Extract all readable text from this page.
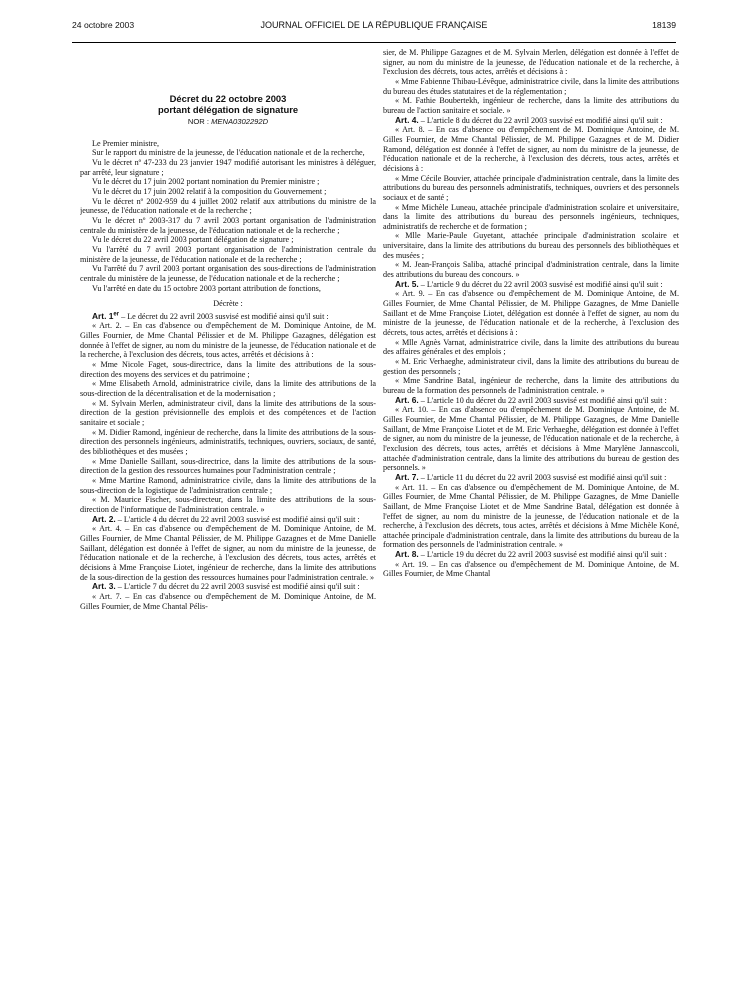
24 octobre 2003	JOURNAL OFFICIEL DE LA RÉPUBLIQUE FRANÇAISE	18139
Décret du 22 octobre 2003
portant délégation de signature
NOR : MENA0302292D

Le Premier ministre,

Sur le rapport du ministre de la jeunesse, de l'éducation nationale et de la recherche,

Vu le décret nº 47-233 du 23 janvier 1947 modifié autorisant les ministres à déléguer, par arrêté, leur signature ;

Vu le décret du 17 juin 2002 portant nomination du Premier ministre ;

Vu le décret du 17 juin 2002 relatif à la composition du Gouvernement ;

Vu le décret nº 2002-959 du 4 juillet 2002 relatif aux attributions du ministre de la jeunesse, de l'éducation nationale et de la recherche ;

Vu le décret nº 2003-317 du 7 avril 2003 portant organisation de l'administration centrale du ministère de la jeunesse, de l'éducation nationale et de la recherche ;

Vu le décret du 22 avril 2003 portant délégation de signature ;

Vu l'arrêté du 7 avril 2003 portant organisation de l'administration centrale du ministère de la jeunesse, de l'éducation nationale et de la recherche ;

Vu l'arrêté du 7 avril 2003 portant organisation des sous-directions de l'administration centrale du ministère de la jeunesse, de l'éducation nationale et de la recherche ;

Vu l'arrêté en date du 15 octobre 2003 portant attribution de fonctions,

Décrète :

Art. 1er – Le décret du 22 avril 2003 susvisé est modifié ainsi qu'il suit :

« Art. 2. – En cas d'absence ou d'empêchement de M. Dominique Antoine, de M. Gilles Fournier, de Mme Chantal Pélissier et de M. Philippe Gazagnes, délégation est donnée à l'effet de signer, au nom du ministre de la jeunesse, de l'éducation nationale et de la recherche, à l'exclusion des décrets, tous actes, arrêtés et décisions à :

« Mme Nicole Faget, sous-directrice, dans la limite des attributions de la sous-direction des moyens des services et du patrimoine ;

« Mme Elisabeth Arnold, administratrice civile, dans la limite des attributions de la sous-direction de la décentralisation et de la modernisation ;

« M. Sylvain Merlen, administrateur civil, dans la limite des attributions de la sous-direction de la gestion prévisionnelle des emplois et des compétences et de l'action sanitaire et sociale ;

« M. Didier Ramond, ingénieur de recherche, dans la limite des attributions de la sous-direction des personnels ingénieurs, administratifs, techniques, ouvriers, sociaux, de santé, des bibliothèques et des musées ;

« Mme Danielle Saillant, sous-directrice, dans la limite des attributions de la sous-direction de la gestion des ressources humaines pour l'administration centrale ;

« Mme Martine Ramond, administratrice civile, dans la limite des attributions de la sous-direction de la logistique de l'administration centrale ;

« M. Maurice Fischer, sous-directeur, dans la limite des attributions de la sous-direction de l'informatique de l'administration centrale. »

Art. 2. – L'article 4 du décret du 22 avril 2003 susvisé est modifié ainsi qu'il suit :

« Art. 4. – En cas d'absence ou d'empêchement de M. Dominique Antoine, de M. Gilles Fournier, de Mme Chantal Pélissier, de M. Philippe Gazagnes et de Mme Danielle Saillant, délégation est donnée à l'effet de signer, au nom du ministre de la jeunesse, de l'éducation nationale et de la recherche, à l'exclusion des décrets, tous actes, arrêtés et décisions à Mme Françoise Liotet, ingénieur de recherche, dans la limite des attributions de la sous-direction de la gestion des ressources humaines pour l'administration centrale. »

Art. 3. – L'article 7 du décret du 22 avril 2003 susvisé est modifié ainsi qu'il suit :

« Art. 7. – En cas d'absence ou d'empêchement de M. Dominique Antoine, de M. Gilles Fournier, de Mme Chantal Pélis-

sier, de M. Philippe Gazagnes et de M. Sylvain Merlen, délégation est donnée à l'effet de signer, au nom du ministre de la jeunesse, de l'éducation nationale et de la recherche, à l'exclusion des décrets, tous actes, arrêtés et décisions à :

« Mme Fabienne Thibau-Lévêque, administratrice civile, dans la limite des attributions du bureau des études statutaires et de la réglementation ;

« M. Fathie Boubertekh, ingénieur de recherche, dans la limite des attributions du bureau de l'action sanitaire et sociale. »

Art. 4. – L'article 8 du décret du 22 avril 2003 susvisé est modifié ainsi qu'il suit :

« Art. 8. – En cas d'absence ou d'empêchement de M. Dominique Antoine, de M. Gilles Fournier, de Mme Chantal Pélissier, de M. Philippe Gazagnes et de M. Didier Ramond, délégation est donnée à l'effet de signer, au nom du ministre de la jeunesse, de l'éducation nationale et de la recherche, à l'exclusion des décrets, tous actes, arrêtés et décisions à :

« Mme Cécile Bouvier, attachée principale d'administration centrale, dans la limite des attributions du bureau des personnels administratifs, techniques, ouvriers et des personnels sociaux et de santé ;

« Mme Michèle Luneau, attachée principale d'administration scolaire et universitaire, dans la limite des attributions du bureau des personnels ingénieurs, techniques, administratifs de recherche et de formation ;

« Mlle Marie-Paule Guyetant, attachée principale d'administration scolaire et universitaire, dans la limite des attributions du bureau des personnels des bibliothèques et des musées ;

« M. Jean-François Saliba, attaché principal d'administration centrale, dans la limite des attributions du bureau des concours. »

Art. 5. – L'article 9 du décret du 22 avril 2003 susvisé est modifié ainsi qu'il suit :

« Art. 9. – En cas d'absence ou d'empêchement de M. Dominique Antoine, de M. Gilles Fournier, de Mme Chantal Pélissier, de M. Philippe Gazagnes, de Mme Danielle Saillant et de Mme Françoise Liotet, délégation est donnée à l'effet de signer, au nom du ministre de la jeunesse, de l'éducation nationale et de la recherche, à l'exclusion des décrets, tous actes, arrêtés et décisions à :

« Mlle Agnès Varnat, administratrice civile, dans la limite des attributions du bureau des affaires générales et des emplois ;

« M. Eric Verhaeghe, administrateur civil, dans la limite des attributions du bureau de gestion des personnels ;

« Mme Sandrine Batal, ingénieur de recherche, dans la limite des attributions du bureau de la formation des personnels de l'administration centrale. »

Art. 6. – L'article 10 du décret du 22 avril 2003 susvisé est modifié ainsi qu'il suit :

« Art. 10. – En cas d'absence ou d'empêchement de M. Dominique Antoine, de M. Gilles Fournier, de Mme Chantal Pélissier, de M. Philippe Gazagnes, de Mme Danielle Saillant, de Mme Françoise Liotet et de M. Eric Verhaeghe, délégation est donnée à l'effet de signer, au nom du ministre de la jeunesse, de l'éducation nationale et de la recherche, à l'exclusion des décrets, tous actes, arrêtés et décisions à Mme Marylène Jannasccoli, attachée d'administration centrale, dans la limite des attributions du bureau de gestion des personnels. »

Art. 7. – L'article 11 du décret du 22 avril 2003 susvisé est modifié ainsi qu'il suit :

« Art. 11. – En cas d'absence ou d'empêchement de M. Dominique Antoine, de M. Gilles Fournier, de Mme Chantal Pélissier, de M. Philippe Gazagnes, de Mme Danielle Saillant, de Mme Françoise Liotet et de Mme Sandrine Batal, délégation est donnée à l'effet de signer, au nom du ministre de la jeunesse, de l'éducation nationale et de la recherche, à l'exclusion des décrets, tous actes, arrêtés et décisions à Mme Michèle Koné, attachée principale d'administration centrale, dans la limite des attributions du bureau de la formation des personnels de l'administration centrale. »

Art. 8. – L'article 19 du décret du 22 avril 2003 susvisé est modifié ainsi qu'il suit :

« Art. 19. – En cas d'absence ou d'empêchement de M. Dominique Antoine, de M. Gilles Fournier, de Mme Chantal
